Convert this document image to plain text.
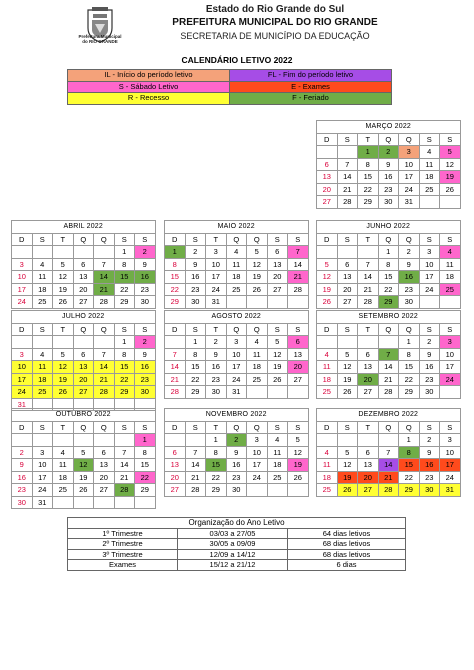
Prefeitura Municipal
do RIO GRANDE
Estado do Rio Grande do Sul
PREFEITURA MUNICIPAL DO RIO GRANDE
SECRETARIA DE MUNICÍPIO DA EDUCAÇÃO
CALENDÁRIO LETIVO 2022
IL - Início do período letivo	FL - Fim do período letivo
S - Sábado Letivo	E - Exames
R - Recesso	F - Feriado
MARÇO 2022						
D	S	T	Q	Q	S	S
		1	2	3	4	5
6	7	8	9	10	11	12
13	14	15	16	17	18	19
20	21	22	23	24	25	26
27	28	29	30	31		
ABRIL 2022						
D	S	T	Q	Q	S	S
					1	2
3	4	5	6	7	8	9
10	11	12	13	14	15	16
17	18	19	20	21	22	23
24	25	26	27	28	29	30
MAIO 2022						
D	S	T	Q	Q	S	S
1	2	3	4	5	6	7
8	9	10	11	12	13	14
15	16	17	18	19	20	21
22	23	24	25	26	27	28
29	30	31				
JUNHO 2022						
D	S	T	Q	Q	S	S
			1	2	3	4
5	6	7	8	9	10	11
12	13	14	15	16	17	18
19	20	21	22	23	24	25
26	27	28	29	30		
JULHO 2022						
D	S	T	Q	Q	S	S
					1	2
3	4	5	6	7	8	9
10	11	12	13	14	15	16
17	18	19	20	21	22	23
24	25	26	27	28	29	30
31						
AGOSTO 2022						
D	S	T	Q	Q	S	S
	1	2	3	4	5	6
7	8	9	10	11	12	13
14	15	16	17	18	19	20
21	22	23	24	25	26	27
28	29	30	31			
SETEMBRO 2022						
D	S	T	Q	Q	S	S
				1	2	3
4	5	6	7	8	9	10
11	12	13	14	15	16	17
18	19	20	21	22	23	24
25	26	27	28	29	30	
OUTUBRO 2022						
D	S	T	Q	Q	S	S
						1
2	3	4	5	6	7	8
9	10	11	12	13	14	15
16	17	18	19	20	21	22
23	24	25	26	27	28	29
30	31					
NOVEMBRO 2022						
D	S	T	Q	Q	S	S
		1	2	3	4	5
6	7	8	9	10	11	12
13	14	15	16	17	18	19
20	21	22	23	24	25	26
27	28	29	30			
DEZEMBRO 2022						
D	S	T	Q	Q	S	S
				1	2	3
4	5	6	7	8	9	10
11	12	13	14	15	16	17
18	19	20	21	22	23	24
25	26	27	28	29	30	31
Organização do Ano Letivo		
1º Trimestre	03/03 a 27/05	64 dias letivos
2º Trimestre	30/05 a 09/09	68 dias letivos
3º Trimestre	12/09 a 14/12	68 dias letivos
Exames	15/12 a 21/12	6 dias
